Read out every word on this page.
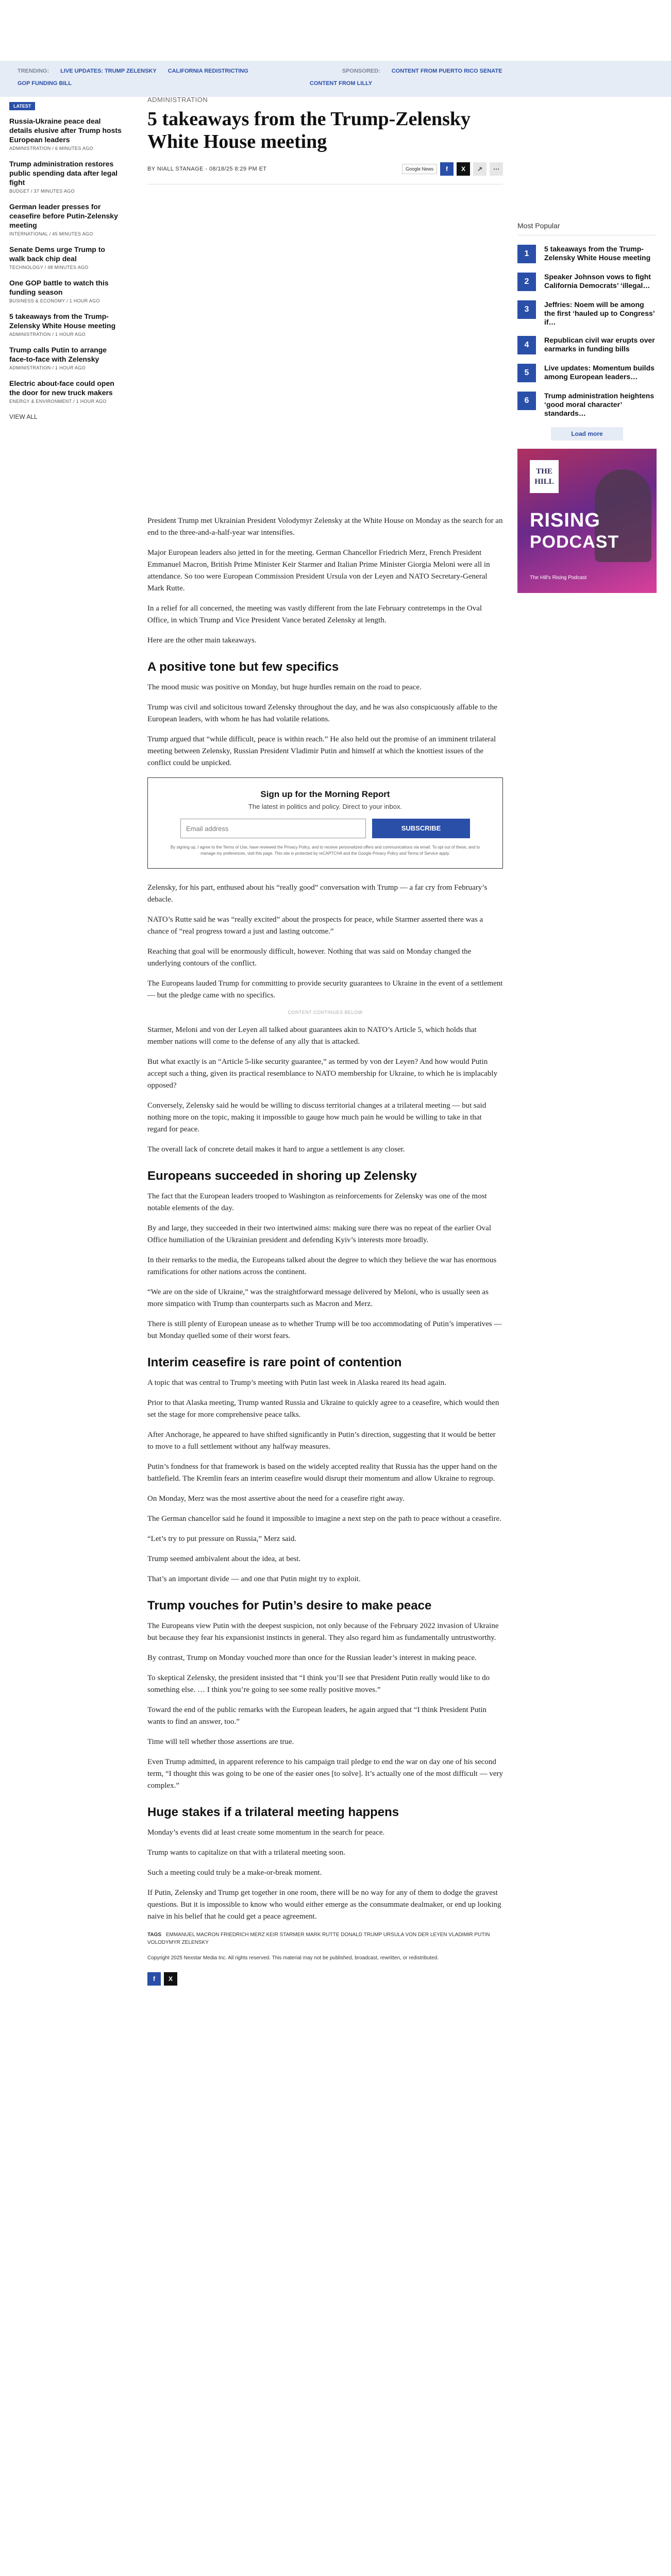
TRENDING: LIVE UPDATES: TRUMP ZELENSKY CALIFORNIA REDISTRICTING	SPONSORED: CONTENT FROM PUERTO RICO SENATE
GOP FUNDING BILL	CONTENT FROM LILLY
LATEST
Russia-Ukraine peace deal details elusive after Trump hosts European leaders
ADMINISTRATION / 6 MINUTES AGO
Trump administration restores public spending data after legal fight
BUDGET / 37 MINUTES AGO
German leader presses for ceasefire before Putin-Zelensky meeting
INTERNATIONAL / 45 MINUTES AGO
Senate Dems urge Trump to walk back chip deal
TECHNOLOGY / 48 MINUTES AGO
One GOP battle to watch this funding season
BUSINESS & ECONOMY / 1 HOUR AGO
5 takeaways from the Trump-Zelensky White House meeting
ADMINISTRATION / 1 HOUR AGO
Trump calls Putin to arrange face-to-face with Zelensky
ADMINISTRATION / 1 HOUR AGO
Electric about-face could open the door for new truck makers
ENERGY & ENVIRONMENT / 1 HOUR AGO
VIEW ALL
ADMINISTRATION
5 takeaways from the Trump-Zelensky White House meeting
BY NIALL STANAGE - 08/18/25 8:29 PM ET	Google News	f	X	↗	⋯
Most Popular
1
5 takeaways from the Trump-Zelensky White House meeting
2
Speaker Johnson vows to fight California Democrats’ ‘illegal…
3
Jeffries: Noem will be among the first ‘hauled up to Congress’ if…
4
Republican civil war erupts over earmarks in funding bills
5
Live updates: Momentum builds among European leaders…
6
Trump administration heightens ‘good moral character’ standards…
Load more
THE HILL
RISING
PODCAST
The Hill's Rising Podcast

President Trump met Ukrainian President Volodymyr Zelensky at the White House on Monday as the search for an end to the three-and-a-half-year war intensifies.

Major European leaders also jetted in for the meeting. German Chancellor Friedrich Merz, French President Emmanuel Macron, British Prime Minister Keir Starmer and Italian Prime Minister Giorgia Meloni were all in attendance. So too were European Commission President Ursula von der Leyen and NATO Secretary-General Mark Rutte.

In a relief for all concerned, the meeting was vastly different from the late February contretemps in the Oval Office, in which Trump and Vice President Vance berated Zelensky at length.

Here are the other main takeaways.

A positive tone but few specifics

The mood music was positive on Monday, but huge hurdles remain on the road to peace.

Trump was civil and solicitous toward Zelensky throughout the day, and he was also conspicuously affable to the European leaders, with whom he has had volatile relations.

Trump argued that “while difficult, peace is within reach.” He also held out the promise of an imminent trilateral meeting between Zelensky, Russian President Vladimir Putin and himself at which the knottiest issues of the conflict could be unpicked.

Sign up for the Morning Report
The latest in politics and policy. Direct to your inbox.
Email address	SUBSCRIBE
By signing up, I agree to the Terms of Use, have reviewed the Privacy Policy, and to receive personalized offers and communications via email. To opt out of these, and to manage my preferences, visit this page. This site is protected by reCAPTCHA and the Google Privacy Policy and Terms of Service apply.

Zelensky, for his part, enthused about his “really good” conversation with Trump — a far cry from February’s debacle.

NATO’s Rutte said he was “really excited” about the prospects for peace, while Starmer asserted there was a chance of “real progress toward a just and lasting outcome.”

Reaching that goal will be enormously difficult, however. Nothing that was said on Monday changed the underlying contours of the conflict.

The Europeans lauded Trump for committing to provide security guarantees to Ukraine in the event of a settlement — but the pledge came with no specifics.

CONTENT CONTINUES BELOW

Starmer, Meloni and von der Leyen all talked about guarantees akin to NATO’s Article 5, which holds that member nations will come to the defense of any ally that is attacked.

But what exactly is an “Article 5-like security guarantee,” as termed by von der Leyen? And how would Putin accept such a thing, given its practical resemblance to NATO membership for Ukraine, to which he is implacably opposed?

Conversely, Zelensky said he would be willing to discuss territorial changes at a trilateral meeting — but said nothing more on the topic, making it impossible to gauge how much pain he would be willing to take in that regard for peace.

The overall lack of concrete detail makes it hard to argue a settlement is any closer.

Europeans succeeded in shoring up Zelensky

The fact that the European leaders trooped to Washington as reinforcements for Zelensky was one of the most notable elements of the day.

By and large, they succeeded in their two intertwined aims: making sure there was no repeat of the earlier Oval Office humiliation of the Ukrainian president and defending Kyiv’s interests more broadly.

In their remarks to the media, the Europeans talked about the degree to which they believe the war has enormous ramifications for other nations across the continent.

“We are on the side of Ukraine,” was the straightforward message delivered by Meloni, who is usually seen as more simpatico with Trump than counterparts such as Macron and Merz.

There is still plenty of European unease as to whether Trump will be too accommodating of Putin’s imperatives — but Monday quelled some of their worst fears.

Interim ceasefire is rare point of contention

A topic that was central to Trump’s meeting with Putin last week in Alaska reared its head again.

Prior to that Alaska meeting, Trump wanted Russia and Ukraine to quickly agree to a ceasefire, which would then set the stage for more comprehensive peace talks.

After Anchorage, he appeared to have shifted significantly in Putin’s direction, suggesting that it would be better to move to a full settlement without any halfway measures.

Putin’s fondness for that framework is based on the widely accepted reality that Russia has the upper hand on the battlefield. The Kremlin fears an interim ceasefire would disrupt their momentum and allow Ukraine to regroup.

On Monday, Merz was the most assertive about the need for a ceasefire right away.

The German chancellor said he found it impossible to imagine a next step on the path to peace without a ceasefire.

“Let’s try to put pressure on Russia,” Merz said.

Trump seemed ambivalent about the idea, at best.

That’s an important divide — and one that Putin might try to exploit.

Trump vouches for Putin’s desire to make peace

The Europeans view Putin with the deepest suspicion, not only because of the February 2022 invasion of Ukraine but because they fear his expansionist instincts in general. They also regard him as fundamentally untrustworthy.

By contrast, Trump on Monday vouched more than once for the Russian leader’s interest in making peace.

To skeptical Zelensky, the president insisted that “I think you’ll see that President Putin really would like to do something else. … I think you’re going to see some really positive moves.”

Toward the end of the public remarks with the European leaders, he again argued that “I think President Putin wants to find an answer, too.”

Time will tell whether those assertions are true.

Even Trump admitted, in apparent reference to his campaign trail pledge to end the war on day one of his second term, “I thought this was going to be one of the easier ones [to solve]. It’s actually one of the most difficult — very complex.”

Huge stakes if a trilateral meeting happens

Monday’s events did at least create some momentum in the search for peace.

Trump wants to capitalize on that with a trilateral meeting soon.

Such a meeting could truly be a make-or-break moment.

If Putin, Zelensky and Trump get together in one room, there will be no way for any of them to dodge the gravest questions. But it is impossible to know who would either emerge as the consummate dealmaker, or end up looking naive in his belief that he could get a peace agreement.

TAGS EMMANUEL MACRON FRIEDRICH MERZ KEIR STARMER MARK RUTTE DONALD TRUMP URSULA VON DER LEYEN VLADIMIR PUTIN VOLODYMYR ZELENSKY
Copyright 2025 Nexstar Media Inc. All rights reserved. This material may not be published, broadcast, rewritten, or redistributed.
f	X
